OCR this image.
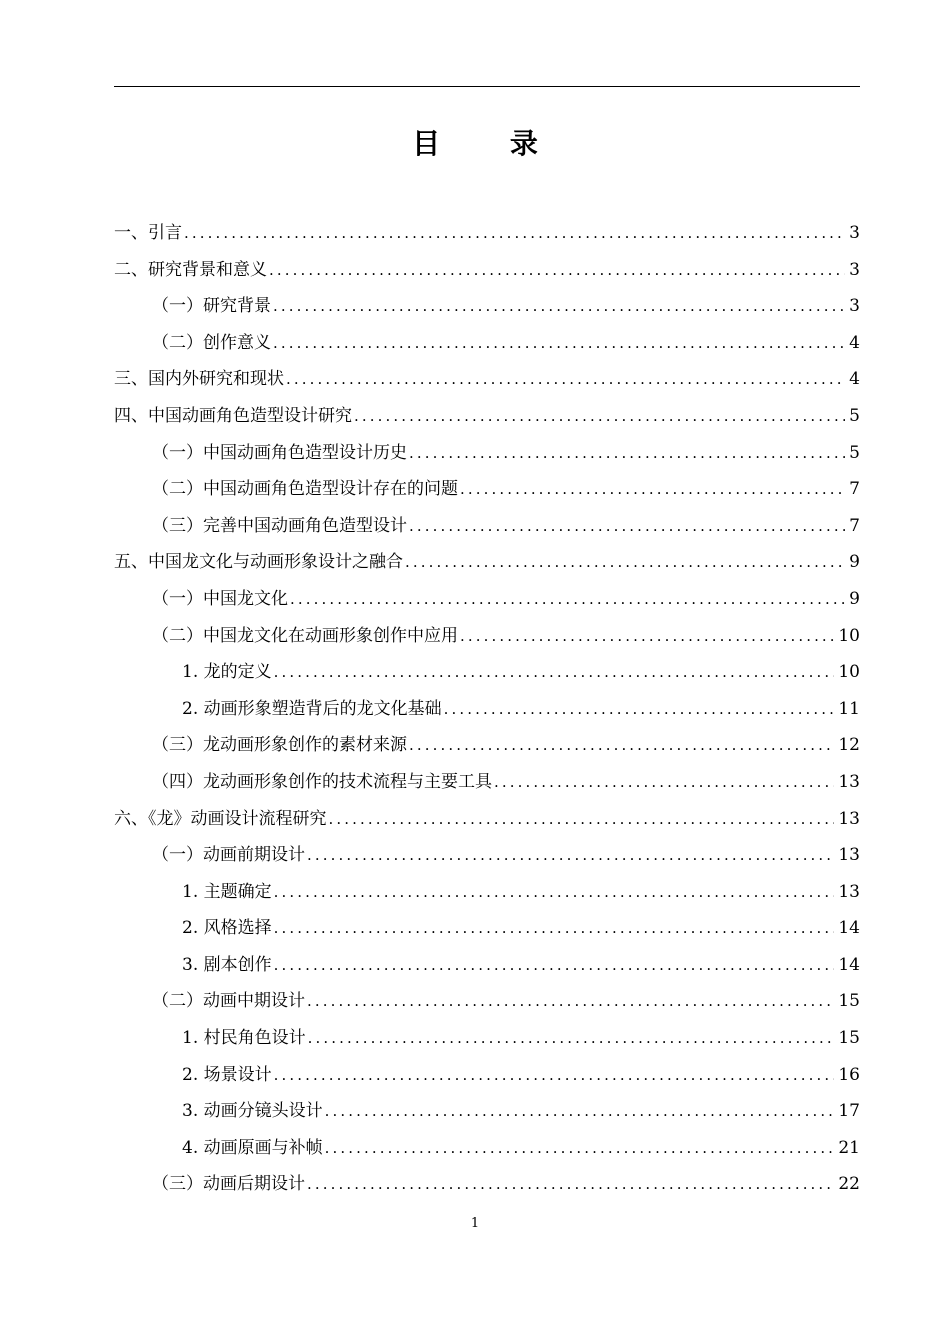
目 录
一、引言 .....	3
二、研究背景和意义 .....	3
（一）研究背景 .....	3
（二）创作意义 .....	4
三、国内外研究和现状 .....	4
四、中国动画角色造型设计研究 .....	5
（一）中国动画角色造型设计历史 .....	5
（二）中国动画角色造型设计存在的问题 .....	7
（三）完善中国动画角色造型设计 .....	7
五、中国龙文化与动画形象设计之融合 .....	9
（一）中国龙文化 .....	9
（二）中国龙文化在动画形象创作中应用 .....	10
1. 龙的定义 .....	10
2. 动画形象塑造背后的龙文化基础 .....	11
（三）龙动画形象创作的素材来源 .....	12
（四）龙动画形象创作的技术流程与主要工具 .....	13
六、《龙》动画设计流程研究 .....	13
（一）动画前期设计 .....	13
1. 主题确定 .....	13
2. 风格选择 .....	14
3. 剧本创作 .....	14
（二）动画中期设计 .....	15
1. 村民角色设计 .....	15
2. 场景设计 .....	16
3. 动画分镜头设计 .....	17
4. 动画原画与补帧 .....	21
（三）动画后期设计 .....	22
1
